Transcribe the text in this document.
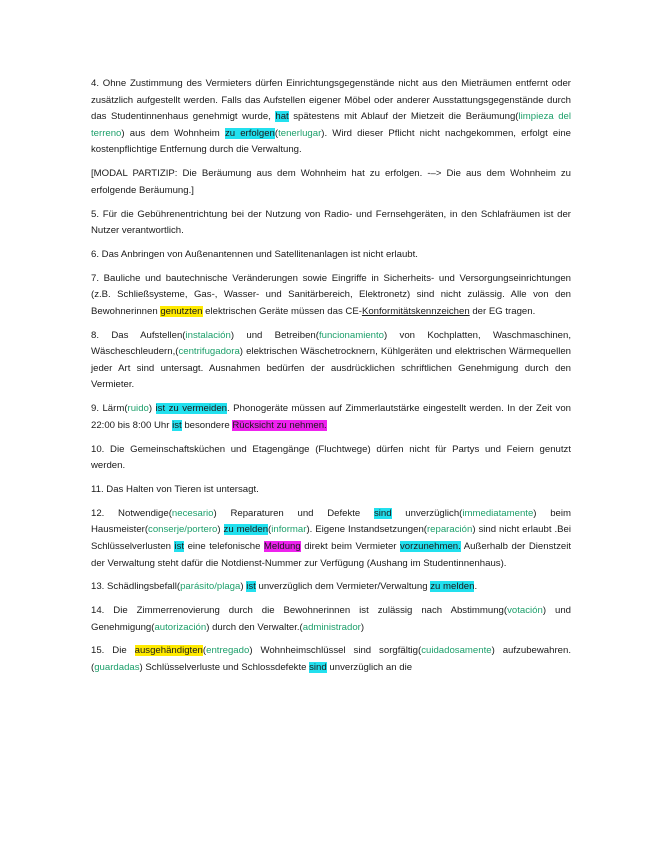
4. Ohne Zustimmung des Vermieters dürfen Einrichtungsgegenstände nicht aus den Mieträumen entfernt oder zusätzlich aufgestellt werden. Falls das Aufstellen eigener Möbel oder anderer Ausstattungsgegenstände durch das Studentinnenhaus genehmigt wurde, hat spätestens mit Ablauf der Mietzeit die Beräumung(limpieza del terreno) aus dem Wohnheim zu erfolgen(tenerlugar). Wird dieser Pflicht nicht nachgekommen, erfolgt eine kostenpflichtige Entfernung durch die Verwaltung.

[MODAL PARTIZIP: Die Beräumung aus dem Wohnheim hat zu erfolgen. -–> Die aus dem Wohnheim zu erfolgende Beräumung.]

5. Für die Gebührenentrichtung bei der Nutzung von Radio- und Fernsehgeräten, in den Schlafräumen ist der Nutzer verantwortlich.

6. Das Anbringen von Außenantennen und Satellitenanlagen ist nicht erlaubt.

7. Bauliche und bautechnische Veränderungen sowie Eingriffe in Sicherheits- und Versorgungseinrichtungen (z.B. Schließsysteme, Gas-, Wasser- und Sanitärbereich, Elektronetz) sind nicht zulässig. Alle von den Bewohnerinnen genutzten elektrischen Geräte müssen das CE-Konformitätskennzeichen der EG tragen.

8. Das Aufstellen(instalación) und Betreiben(funcionamiento) von Kochplatten, Waschmaschinen, Wäscheschleudern,(centrifugadora) elektrischen Wäschetrocknern, Kühlgeräten und elektrischen Wärmequellen jeder Art sind untersagt. Ausnahmen bedürfen der ausdrücklichen schriftlichen Genehmigung durch den Vermieter.

9. Lärm(ruido) ist zu vermeiden. Phonogeräte müssen auf Zimmerlautstärke eingestellt werden. In der Zeit von 22:00 bis 8:00 Uhr ist besondere Rücksicht zu nehmen.

10. Die Gemeinschaftsküchen und Etagengänge (Fluchtwege) dürfen nicht für Partys und Feiern genutzt werden.

11. Das Halten von Tieren ist untersagt.

12. Notwendige(necesario) Reparaturen und Defekte sind unverzüglich(immediatamente) beim Hausmeister(conserje/portero) zu melden(informar). Eigene Instandsetzungen(reparación) sind nicht erlaubt .Bei Schlüsselverlusten ist eine telefonische Meldung direkt beim Vermieter vorzunehmen. Außerhalb der Dienstzeit der Verwaltung steht dafür die Notdienst-Nummer zur Verfügung (Aushang im Studentinnenhaus).

13. Schädlingsbefall(parásito/plaga) ist unverzüglich dem Vermieter/Verwaltung zu melden.

14. Die Zimmerrenovierung durch die Bewohnerinnen ist zulässig nach Abstimmung(votación) und Genehmigung(autorización) durch den Verwalter.(administrador)

15. Die ausgehändigten(entregado) Wohnheimschlüssel sind sorgfältig(cuidadosamente) aufzubewahren.(guardadas) Schlüsselverluste und Schlossdefekte sind unverzüglich an die
